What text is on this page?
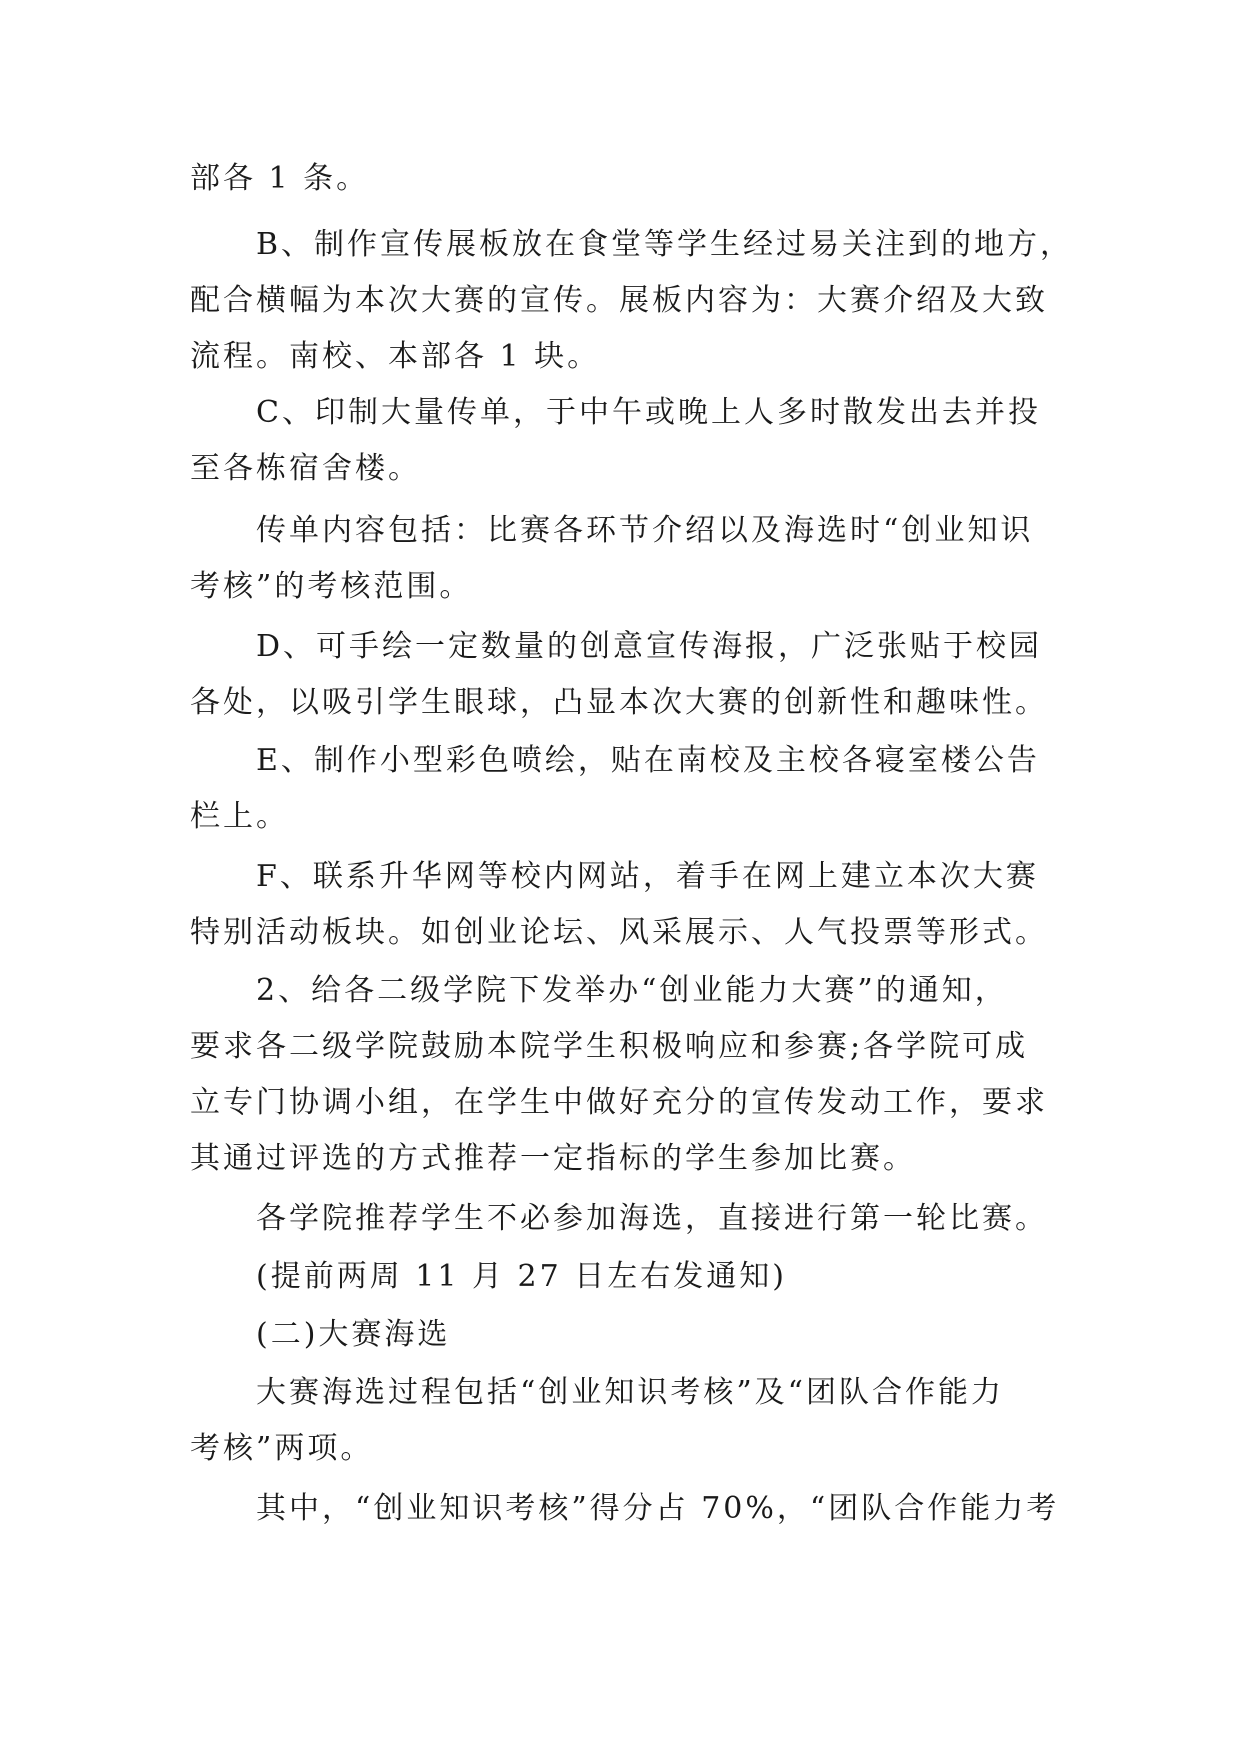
部各 1 条。
B、制作宣传展板放在食堂等学生经过易关注到的地方，
配合横幅为本次大赛的宣传。展板内容为：大赛介绍及大致
流程。南校、本部各 1 块。
C、印制大量传单，于中午或晚上人多时散发出去并投
至各栋宿舍楼。
传单内容包括：比赛各环节介绍以及海选时“创业知识
考核”的考核范围。
D、可手绘一定数量的创意宣传海报，广泛张贴于校园
各处，以吸引学生眼球，凸显本次大赛的创新性和趣味性。
E、制作小型彩色喷绘，贴在南校及主校各寝室楼公告
栏上。
F、联系升华网等校内网站，着手在网上建立本次大赛
特别活动板块。如创业论坛、风采展示、人气投票等形式。
2、给各二级学院下发举办“创业能力大赛”的通知，
要求各二级学院鼓励本院学生积极响应和参赛;各学院可成
立专门协调小组，在学生中做好充分的宣传发动工作，要求
其通过评选的方式推荐一定指标的学生参加比赛。
各学院推荐学生不必参加海选，直接进行第一轮比赛。
(提前两周 11 月 27 日左右发通知)
(二)大赛海选
大赛海选过程包括“创业知识考核”及“团队合作能力
考核”两项。
其中，“创业知识考核”得分占 70%，“团队合作能力考
